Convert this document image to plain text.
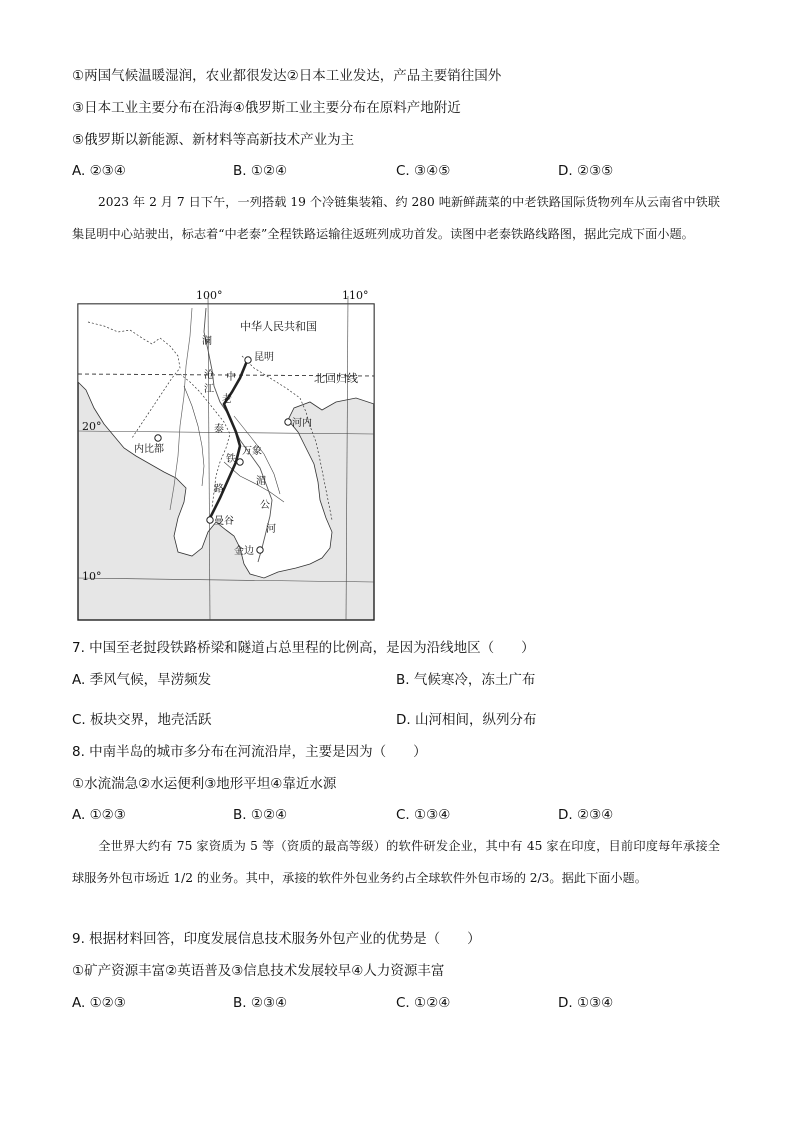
①两国气候温暖湿润，农业都很发达②日本工业发达，产品主要销往国外
③日本工业主要分布在沿海④俄罗斯工业主要分布在原料产地附近
⑤俄罗斯以新能源、新材料等高新技术产业为主
A. ②③④	B. ①②④	C. ③④⑤	D. ②③⑤
2023 年 2 月 7 日下午，一列搭载 19 个冷链集装箱、约 280 吨新鲜蔬菜的中老铁路国际货物列车从云南省中铁联集昆明中心站驶出，标志着“中老泰”全程铁路运输往返班列成功首发。读图中老泰铁路线路图，据此完成下面小题。
100°	110°
中华人民共和国
北回归线
20°
10°
昆明
河内
万象
内比都
曼谷
金边
中
老
泰
铁
路
澜
沧
江
湄
公
河
7. 中国至老挝段铁路桥梁和隧道占总里程的比例高，是因为沿线地区（　　）
A. 季风气候，旱涝频发	B. 气候寒冷，冻土广布
C. 板块交界，地壳活跃	D. 山河相间，纵列分布
8. 中南半岛的城市多分布在河流沿岸，主要是因为（　　）
①水流湍急②水运便利③地形平坦④靠近水源
A. ①②③	B. ①②④	C. ①③④	D. ②③④
全世界大约有 75 家资质为 5 等（资质的最高等级）的软件研发企业，其中有 45 家在印度，目前印度每年承接全球服务外包市场近 1/2 的业务。其中，承接的软件外包业务约占全球软件外包市场的 2/3。据此下面小题。
9. 根据材料回答，印度发展信息技术服务外包产业的优势是（　　）
①矿产资源丰富②英语普及③信息技术发展较早④人力资源丰富
A. ①②③	B. ②③④	C. ①②④	D. ①③④
